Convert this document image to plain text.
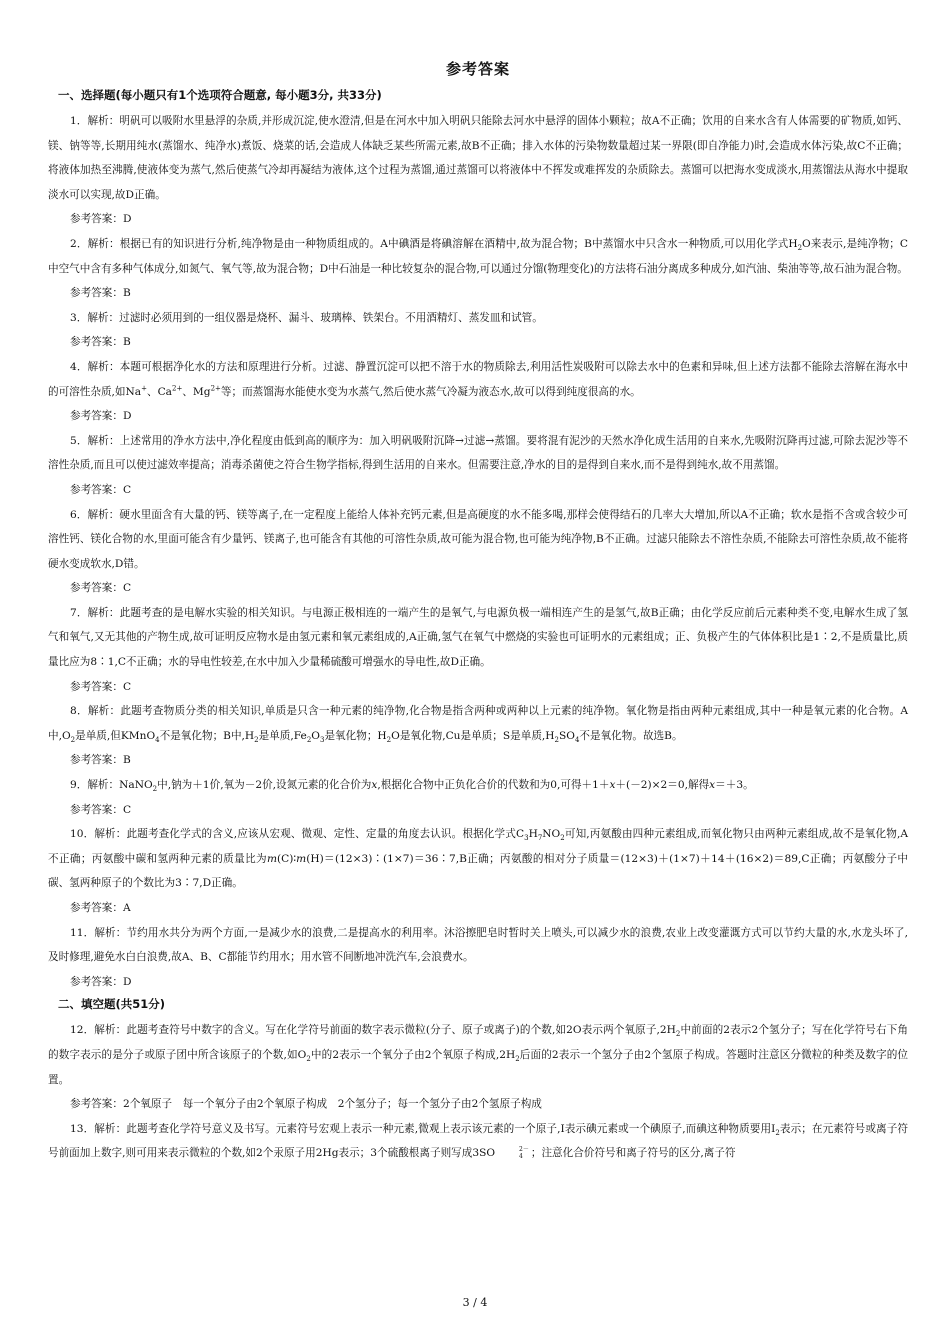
参考答案
一、选择题(每小题只有1个选项符合题意, 每小题3分, 共33分)

1．解析：明矾可以吸附水里悬浮的杂质,并形成沉淀,使水澄清,但是在河水中加入明矾只能除去河水中悬浮的固体小颗粒；故A不正确；饮用的自来水含有人体需要的矿物质,如钙、镁、钠等等,长期用纯水(蒸馏水、纯净水)煮饭、烧菜的话,会造成人体缺乏某些所需元素,故B不正确；排入水体的污染物数量超过某一界限(即自净能力)时,会造成水体污染,故C不正确；将液体加热至沸腾,使液体变为蒸气,然后使蒸气冷却再凝结为液体,这个过程为蒸馏,通过蒸馏可以将液体中不挥发或难挥发的杂质除去。蒸馏可以把海水变成淡水,用蒸馏法从海水中提取淡水可以实现,故D正确。

参考答案：D

2．解析：根据已有的知识进行分析,纯净物是由一种物质组成的。A中碘酒是将碘溶解在酒精中,故为混合物；B中蒸馏水中只含水一种物质,可以用化学式$H_2O$来表示,是纯净物；C中空气中含有多种气体成分,如氮气、氧气等,故为混合物；D中石油是一种比较复杂的混合物,可以通过分馏(物理变化)的方法将石油分离成多种成分,如汽油、柴油等等,故石油为混合物。

参考答案：B

3．解析：过滤时必须用到的一组仪器是烧杯、漏斗、玻璃棒、铁架台。不用酒精灯、蒸发皿和试管。

参考答案：B

4．解析：本题可根据净化水的方法和原理进行分析。过滤、静置沉淀可以把不溶于水的物质除去,利用活性炭吸附可以除去水中的色素和异味,但上述方法都不能除去溶解在海水中的可溶性杂质,如Na+、$Ca^{2+}$、$Mg^{2+}$等；而蒸馏海水能使水变为水蒸气,然后使水蒸气冷凝为液态水,故可以得到纯度很高的水。

参考答案：D

5．解析：上述常用的净水方法中,净化程度由低到高的顺序为：加入明矾吸附沉降→过滤→蒸馏。要将混有泥沙的天然水净化成生活用的自来水,先吸附沉降再过滤,可除去泥沙等不溶性杂质,而且可以使过滤效率提高；消毒杀菌使之符合生物学指标,得到生活用的自来水。但需要注意,净水的目的是得到自来水,而不是得到纯水,故不用蒸馏。

参考答案：C

6．解析：硬水里面含有大量的钙、镁等离子,在一定程度上能给人体补充钙元素,但是高硬度的水不能多喝,那样会使得结石的几率大大增加,所以A不正确；软水是指不含或含较少可溶性钙、镁化合物的水,里面可能含有少量钙、镁离子,也可能含有其他的可溶性杂质,故可能为混合物,也可能为纯净物,B不正确。过滤只能除去不溶性杂质,不能除去可溶性杂质,故不能将硬水变成软水,D错。

参考答案：C

7．解析：此题考查的是电解水实验的相关知识。与电源正极相连的一端产生的是氧气,与电源负极一端相连产生的是氢气,故B正确；由化学反应前后元素种类不变,电解水生成了氢气和氧气,又无其他的产物生成,故可证明反应物水是由氢元素和氧元素组成的,A正确,氢气在氧气中燃烧的实验也可证明水的元素组成；正、负极产生的气体体积比是1∶2,不是质量比,质量比应为8∶1,C不正确；水的导电性较差,在水中加入少量稀硫酸可增强水的导电性,故D正确。

参考答案：C

8．解析：此题考查物质分类的相关知识,单质是只含一种元素的纯净物,化合物是指含两种或两种以上元素的纯净物。氧化物是指由两种元素组成,其中一种是氧元素的化合物。A中$,O_2$是单质,但KMnO$_4$不是氧化物；B中$,H_2$是单质$,Fe_2O_3$是氧化物；$H_2O$是氧化物,Cu是单质；S是单质$,H_2SO_4$不是氧化物。故选B。

参考答案：B

9．解析：NaNO$_2$中,钠为＋1价,氧为－2价,设氮元素的化合价为x,根据化合物中正负化合价的代数和为0,可得＋1＋x＋(－2)×2＝0,解得x＝＋3。

参考答案：C

10．解析：此题考查化学式的含义,应该从宏观、微观、定性、定量的角度去认识。根据化学式$C_3H_7NO_2$可知,丙氨酸由四种元素组成,而氧化物只由两种元素组成,故不是氧化物,A不正确；丙氨酸中碳和氢两种元素的质量比为m(C)∶m(H)＝(12×3)∶(1×7)＝36∶7,B正确；丙氨酸的相对分子质量＝(12×3)＋(1×7)＋14＋(16×2)＝89,C正确；丙氨酸分子中碳、氢两种原子的个数比为3∶7,D正确。

参考答案：A

11．解析：节约用水共分为两个方面,一是减少水的浪费,二是提高水的利用率。沐浴擦肥皂时暂时关上喷头,可以减少水的浪费,农业上改变灌溉方式可以节约大量的水,水龙头坏了,及时修理,避免水白白浪费,故A、B、C都能节约用水；用水管不间断地冲洗汽车,会浪费水。

参考答案：D

二、填空题(共51分)

12．解析：此题考查符号中数字的含义。写在化学符号前面的数字表示微粒(分子、原子或离子)的个数,如2O表示两个氧原子$,2H_2$中前面的2表示2个氢分子；写在化学符号右下角的数字表示的是分子或原子团中所含该原子的个数,如$O_2$中的2表示一个氧分子由2个氧原子构成$,2H_2$后面的2表示一个氢分子由2个氢原子构成。答题时注意区分微粒的种类及数字的位置。

参考答案：2个氧原子　每一个氧分子由2个氧原子构成　2个氢分子；每一个氢分子由2个氢原子构成

13．解析：此题考查化学符号意义及书写。元素符号宏观上表示一种元素,微观上表示该元素的一个原子,I表示碘元素或一个碘原子,而碘这种物质要用$I_2$表示；在元素符号或离子符号前面加上数字,则可用来表示微粒的个数,如2个汞原子用2Hg表示；3个硫酸根离子则写成3SO	2－
4 ；注意化合价符号和离子符号的区分,离子符

3 / 4
